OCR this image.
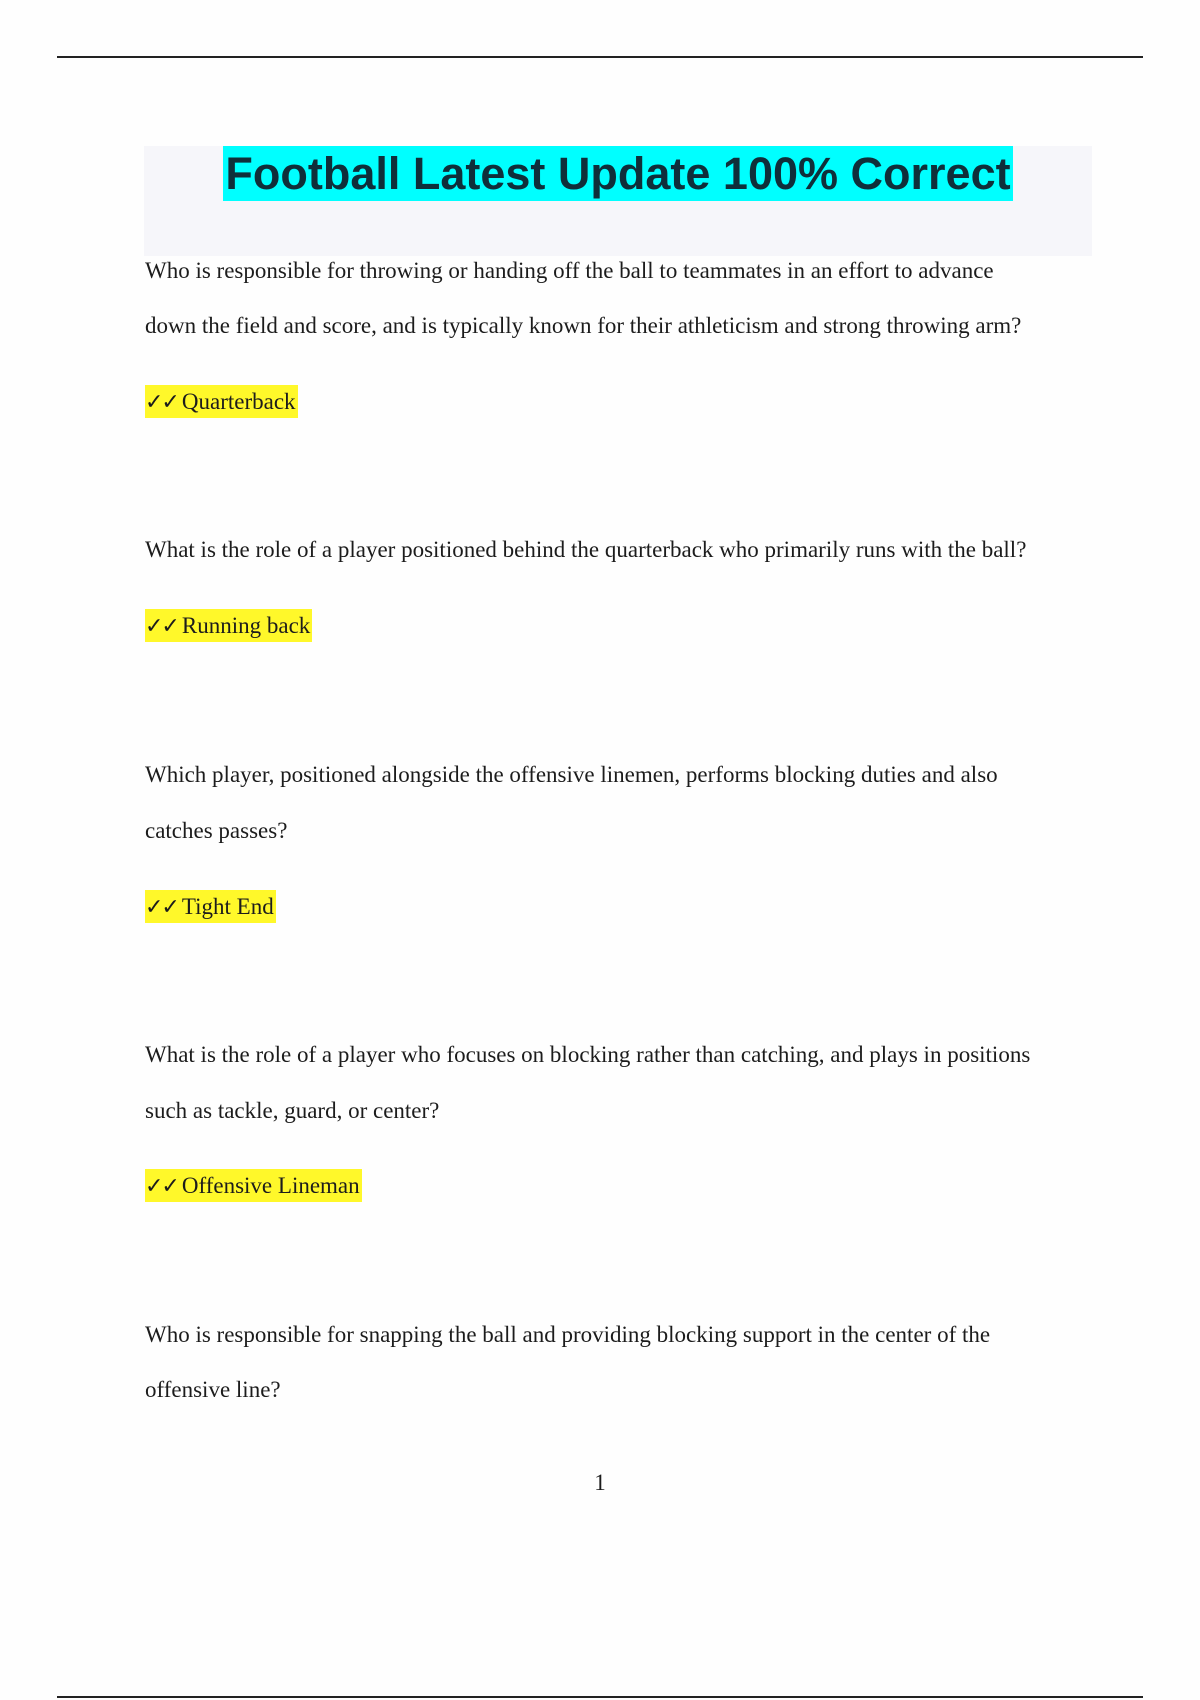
Football Latest Update 100% Correct
Who is responsible for throwing or handing off the ball to teammates in an effort to advance
down the field and score, and is typically known for their athleticism and strong throwing arm?
✓✓ Quarterback
What is the role of a player positioned behind the quarterback who primarily runs with the ball?
✓✓ Running back
Which player, positioned alongside the offensive linemen, performs blocking duties and also
catches passes?
✓✓ Tight End
What is the role of a player who focuses on blocking rather than catching, and plays in positions
such as tackle, guard, or center?
✓✓ Offensive Lineman
Who is responsible for snapping the ball and providing blocking support in the center of the
offensive line?
1
